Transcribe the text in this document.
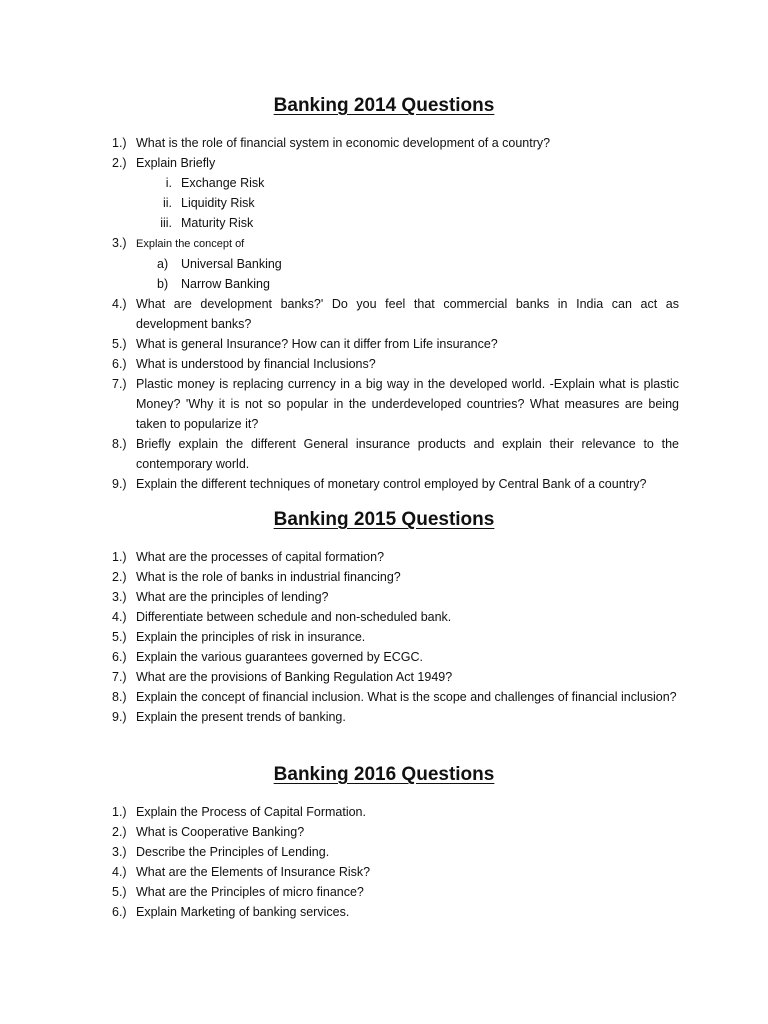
Banking 2014 Questions
1.) What is the role of financial system in economic development of a country?
2.) Explain Briefly
i. Exchange Risk
ii. Liquidity Risk
iii. Maturity Risk
3.) Explain the concept of
a) Universal Banking
b) Narrow Banking
4.) What are development banks?' Do you feel that commercial banks in India can act as development banks?
5.) What is general Insurance? How can it differ from Life insurance?
6.) What is understood by financial Inclusions?
7.) Plastic money is replacing currency in a big way in the developed world. -Explain what is plastic Money? 'Why it is not so popular in the underdeveloped countries? What measures are being taken to popularize it?
8.) Briefly explain the different General insurance products and explain their relevance to the contemporary world.
9.) Explain the different techniques of monetary control employed by Central Bank of a country?
Banking 2015 Questions
1.) What are the processes of capital formation?
2.) What is the role of banks in industrial financing?
3.) What are the principles of lending?
4.) Differentiate between schedule and non-scheduled bank.
5.) Explain the principles of risk in insurance.
6.) Explain the various guarantees governed by ECGC.
7.) What are the provisions of Banking Regulation Act 1949?
8.) Explain the concept of financial inclusion. What is the scope and challenges of financial inclusion?
9.) Explain the present trends of banking.
Banking 2016 Questions
1.) Explain the Process of Capital Formation.
2.) What is Cooperative Banking?
3.) Describe the Principles of Lending.
4.) What are the Elements of Insurance Risk?
5.) What are the Principles of micro finance?
6.) Explain Marketing of banking services.
